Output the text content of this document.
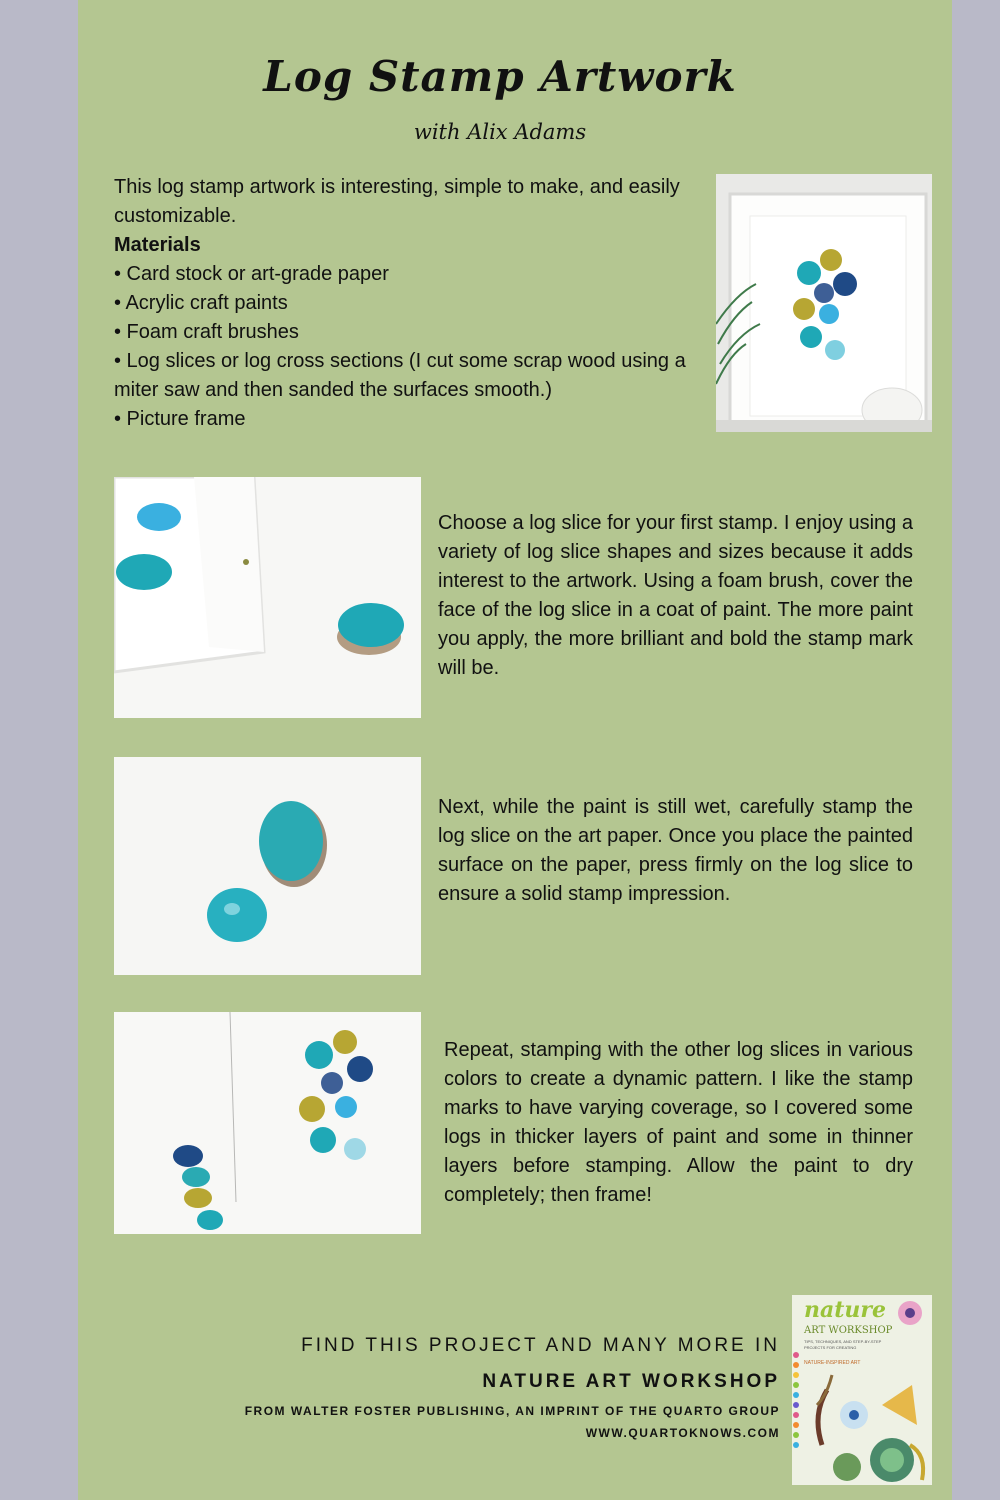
Log Stamp Artwork
with Alix Adams
This log stamp artwork is interesting, simple to make, and easily customizable.
Materials
• Card stock or art-grade paper
• Acrylic craft paints
• Foam craft brushes
• Log slices or log cross sections (I cut some scrap wood using a miter saw and then sanded the surfaces smooth.)
• Picture frame
Choose a log slice for your first stamp. I enjoy using a variety of log slice shapes and sizes because it adds interest to the artwork. Using a foam brush, cover the face of the log slice in a coat of paint. The more paint you apply, the more brilliant and bold the stamp mark will be.
Next, while the paint is still wet, carefully stamp the log slice on the art paper. Once you place the painted surface on the paper, press firmly on the log slice to ensure a solid stamp impression.
Repeat, stamping with the other log slices in various colors to create a dynamic pattern. I like the stamp marks to have varying coverage, so I covered some logs in thicker layers of paint and some in thinner layers before stamping. Allow the paint to dry completely; then frame!
FIND THIS PROJECT AND MANY MORE IN
NATURE ART WORKSHOP
FROM WALTER FOSTER PUBLISHING, AN IMPRINT OF THE QUARTO GROUP
WWW.QUARTOKNOWS.COM
nature
ART WORKSHOP
TIPS, TECHNIQUES, AND STEP-BY-STEP PROJECTS FOR CREATING
NATURE-INSPIRED ART
